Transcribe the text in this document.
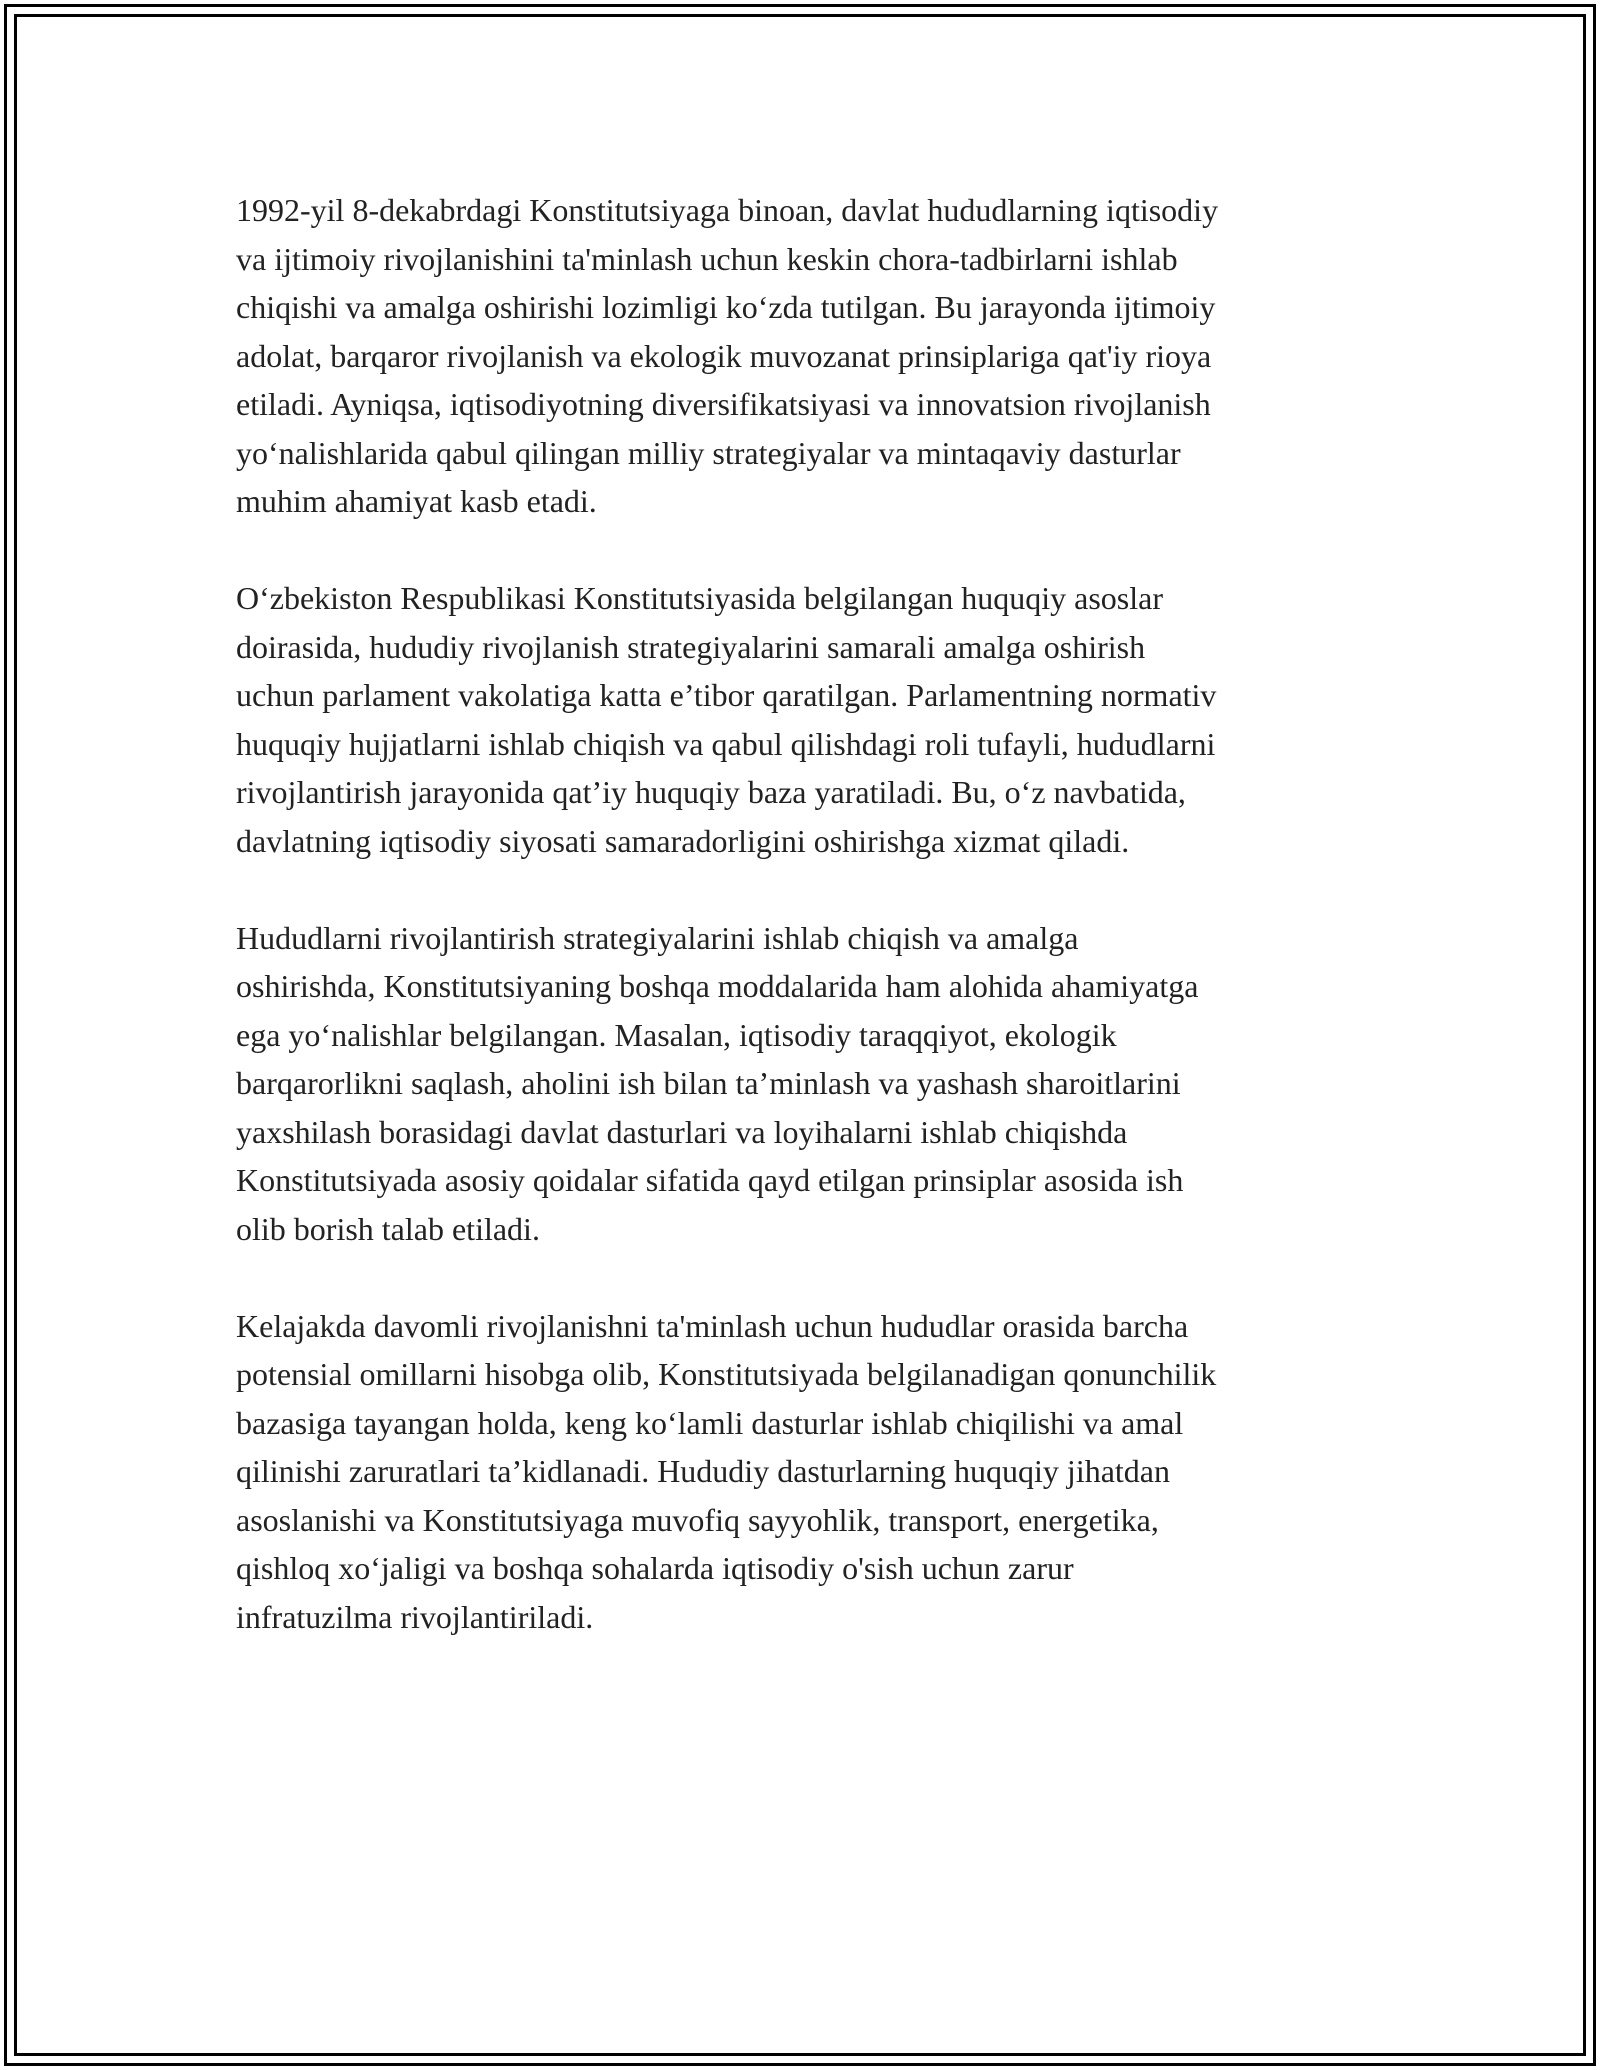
1992-yil 8-dekabrdagi Konstitutsiyaga binoan, davlat hududlarning iqtisodiy
va ijtimoiy rivojlanishini ta'minlash uchun keskin chora-tadbirlarni ishlab
chiqishi va amalga oshirishi lozimligi ko‘zda tutilgan. Bu jarayonda ijtimoiy
adolat, barqaror rivojlanish va ekologik muvozanat prinsiplariga qat'iy rioya
etiladi. Ayniqsa, iqtisodiyotning diversifikatsiyasi va innovatsion rivojlanish
yo‘nalishlarida qabul qilingan milliy strategiyalar va mintaqaviy dasturlar
muhim ahamiyat kasb etadi.

O‘zbekiston Respublikasi Konstitutsiyasida belgilangan huquqiy asoslar
doirasida, hududiy rivojlanish strategiyalarini samarali amalga oshirish
uchun parlament vakolatiga katta e’tibor qaratilgan. Parlamentning normativ
huquqiy hujjatlarni ishlab chiqish va qabul qilishdagi roli tufayli, hududlarni
rivojlantirish jarayonida qat’iy huquqiy baza yaratiladi. Bu, o‘z navbatida,
davlatning iqtisodiy siyosati samaradorligini oshirishga xizmat qiladi.

Hududlarni rivojlantirish strategiyalarini ishlab chiqish va amalga
oshirishda, Konstitutsiyaning boshqa moddalarida ham alohida ahamiyatga
ega yo‘nalishlar belgilangan. Masalan, iqtisodiy taraqqiyot, ekologik
barqarorlikni saqlash, aholini ish bilan ta’minlash va yashash sharoitlarini
yaxshilash borasidagi davlat dasturlari va loyihalarni ishlab chiqishda
Konstitutsiyada asosiy qoidalar sifatida qayd etilgan prinsiplar asosida ish
olib borish talab etiladi.

Kelajakda davomli rivojlanishni ta'minlash uchun hududlar orasida barcha
potensial omillarni hisobga olib, Konstitutsiyada belgilanadigan qonunchilik
bazasiga tayangan holda, keng ko‘lamli dasturlar ishlab chiqilishi va amal
qilinishi zaruratlari ta’kidlanadi. Hududiy dasturlarning huquqiy jihatdan
asoslanishi va Konstitutsiyaga muvofiq sayyohlik, transport, energetika,
qishloq xo‘jaligi va boshqa sohalarda iqtisodiy o'sish uchun zarur
infratuzilma rivojlantiriladi.
